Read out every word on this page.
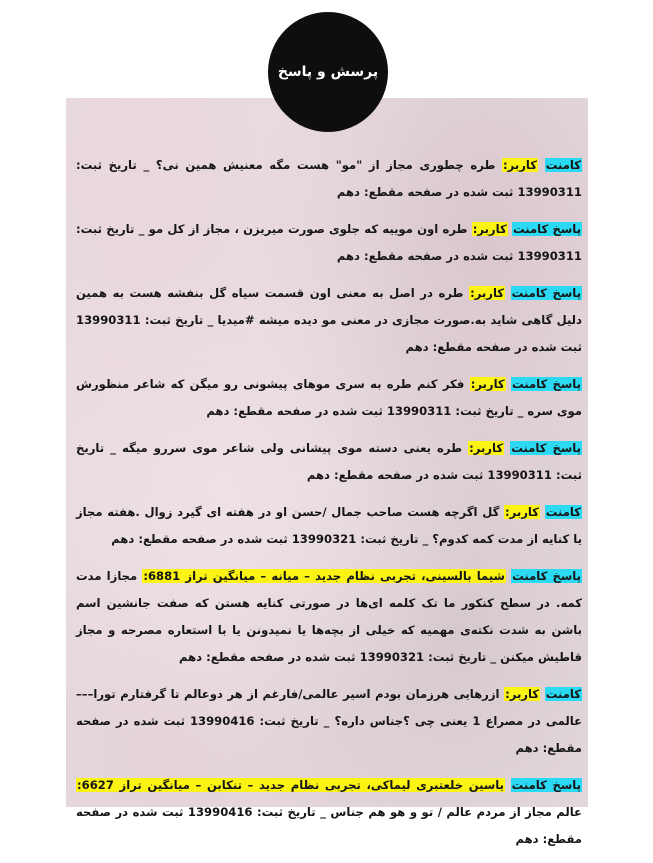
پرسش و پاسخ

کامنت کاربر: طره چطوری مجاز از "مو" هست مگه معنیش همین نی؟ _ تاریخ ثبت: 13990311 ثبت شده در صفحه مقطع: دهم

پاسخ کامنت کاربر: طره اون موییه که جلوی صورت میریزن ، مجاز از کل مو _ تاریخ ثبت: 13990311 ثبت شده در صفحه مقطع: دهم

پاسخ کامنت کاربر: طره در اصل به معنی اون قسمت سیاه گل بنفشه هست به همین دلیل گاهی شاید به.صورت مجازی در معنی مو دیده میشه #میدیا _ تاریخ ثبت: 13990311 ثبت شده در صفحه مقطع: دهم

پاسخ کامنت کاربر: فکر کنم طره به سری موهای پیشونی رو میگن که شاعر منظورش موی سره _ تاریخ ثبت: 13990311 ثبت شده در صفحه مقطع: دهم

پاسخ کامنت کاربر: طره یعنی دسته موی پیشانی ولی شاعر موی سررو میگه _ تاریخ ثبت: 13990311 ثبت شده در صفحه مقطع: دهم

کامنت کاربر: گل اگرچه هست صاحب جمال /حسن او در هفته ای گیرد زوال .هفته مجاز یا کنایه از مدت کمه کدوم؟ _ تاریخ ثبت: 13990321 ثبت شده در صفحه مقطع: دهم

پاسخ کامنت شیما بالسینی، تجربی نظام جدید – میانه – میانگین تراز 6881: مجازا مدت کمه. در سطح کنکور ما تک کلمه ای‌ها در صورتی کنایه هستن که صفت جانشین اسم باشن به شدت نکته‌ی مهمیه که خیلی از بچه‌ها یا نمیدونن یا با استعاره مصرحه و مجاز قاطیش میکنن _ تاریخ ثبت: 13990321 ثبت شده در صفحه مقطع: دهم

کامنت کاربر: ازرهایی هرزمان بودم اسیر عالمی/فارغم از هر دوعالم تا گرفتارم تورا–––عالمی در مصراع 1 یعنی چی ؟جناس داره؟ _ تاریخ ثبت: 13990416 ثبت شده در صفحه مقطع: دهم

پاسخ کامنت یاسین خلعتبری لیماکی، تجربی نظام جدید – تنکابن – میانگین تراز 6627: عالم مجاز از مردم عالم / تو و هو هم جناس _ تاریخ ثبت: 13990416 ثبت شده در صفحه مقطع: دهم
